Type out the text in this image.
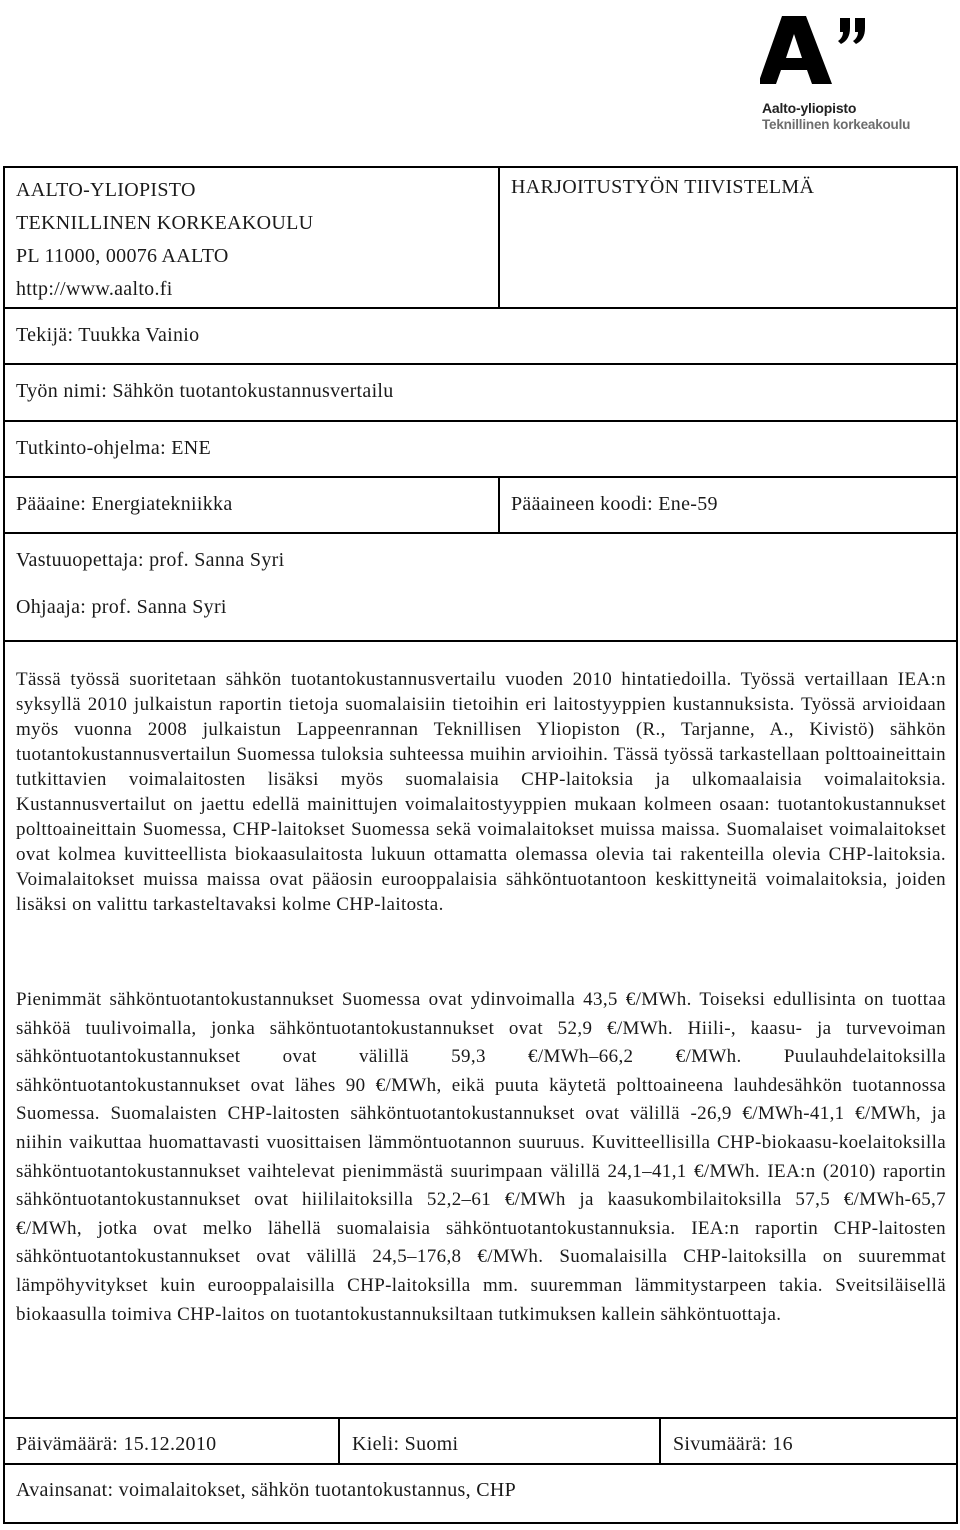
Aalto-yliopisto
Teknillinen korkeakoulu
AALTO-YLIOPISTO
TEKNILLINEN KORKEAKOULU
PL 11000, 00076 AALTO
http://www.aalto.fi
HARJOITUSTYÖN TIIVISTELMÄ
Tekijä: Tuukka Vainio
Työn nimi: Sähkön tuotantokustannusvertailu
Tutkinto-ohjelma: ENE
Pääaine: Energiatekniikka	Pääaineen koodi: Ene-59
Vastuuopettaja: prof. Sanna Syri
Ohjaaja: prof. Sanna Syri
Tässä työssä suoritetaan sähkön tuotantokustannusvertailu vuoden 2010 hintatiedoilla. Työssä vertaillaan IEA:n syksyllä 2010 julkaistun raportin tietoja suomalaisiin tietoihin eri laitostyyppien kustannuksista. Työssä arvioidaan myös vuonna 2008 julkaistun Lappeenrannan Teknillisen Yliopiston (R., Tarjanne, A., Kivistö) sähkön tuotantokustannusvertailun Suomessa tuloksia suhteessa muihin arvioihin. Tässä työssä tarkastellaan polttoaineittain tutkittavien voimalaitosten lisäksi myös suomalaisia CHP-laitoksia ja ulkomaalaisia voimalaitoksia. Kustannusvertailut on jaettu edellä mainittujen voimalaitostyyppien mukaan kolmeen osaan: tuotantokustannukset polttoaineittain Suomessa, CHP-laitokset Suomessa sekä voimalaitokset muissa maissa. Suomalaiset voimalaitokset ovat kolmea kuvitteellista biokaasulaitosta lukuun ottamatta olemassa olevia tai rakenteilla olevia CHP-laitoksia. Voimalaitokset muissa maissa ovat pääosin eurooppalaisia sähköntuotantoon keskittyneitä voimalaitoksia, joiden lisäksi on valittu tarkasteltavaksi kolme CHP-laitosta.
Pienimmät sähköntuotantokustannukset Suomessa ovat ydinvoimalla 43,5 €/MWh. Toiseksi edullisinta on tuottaa sähköä tuulivoimalla, jonka sähköntuotantokustannukset ovat 52,9 €/MWh. Hiili-, kaasu- ja turvevoiman sähköntuotantokustannukset ovat välillä 59,3 €/MWh–66,2 €/MWh. Puulauhdelaitoksilla sähköntuotantokustannukset ovat lähes 90 €/MWh, eikä puuta käytetä polttoaineena lauhdesähkön tuotannossa Suomessa. Suomalaisten CHP-laitosten sähköntuotantokustannukset ovat välillä -26,9 €/MWh-41,1 €/MWh, ja niihin vaikuttaa huomattavasti vuosittaisen lämmöntuotannon suuruus. Kuvitteellisilla CHP-biokaasu-koelaitoksilla sähköntuotantokustannukset vaihtelevat pienimmästä suurimpaan välillä 24,1–41,1 €/MWh. IEA:n (2010) raportin sähköntuotantokustannukset ovat hiililaitoksilla 52,2–61 €/MWh ja kaasukombilaitoksilla 57,5 €/MWh-65,7 €/MWh, jotka ovat melko lähellä suomalaisia sähköntuotantokustannuksia. IEA:n raportin CHP-laitosten sähköntuotantokustannukset ovat välillä 24,5–176,8 €/MWh. Suomalaisilla CHP-laitoksilla on suuremmat lämpöhyvitykset kuin eurooppalaisilla CHP-laitoksilla mm. suuremman lämmitystarpeen takia. Sveitsiläisellä biokaasulla toimiva CHP-laitos on tuotantokustannuksiltaan tutkimuksen kallein sähköntuottaja.
Päivämäärä: 15.12.2010	Kieli: Suomi	Sivumäärä: 16
Avainsanat: voimalaitokset, sähkön tuotantokustannus, CHP
